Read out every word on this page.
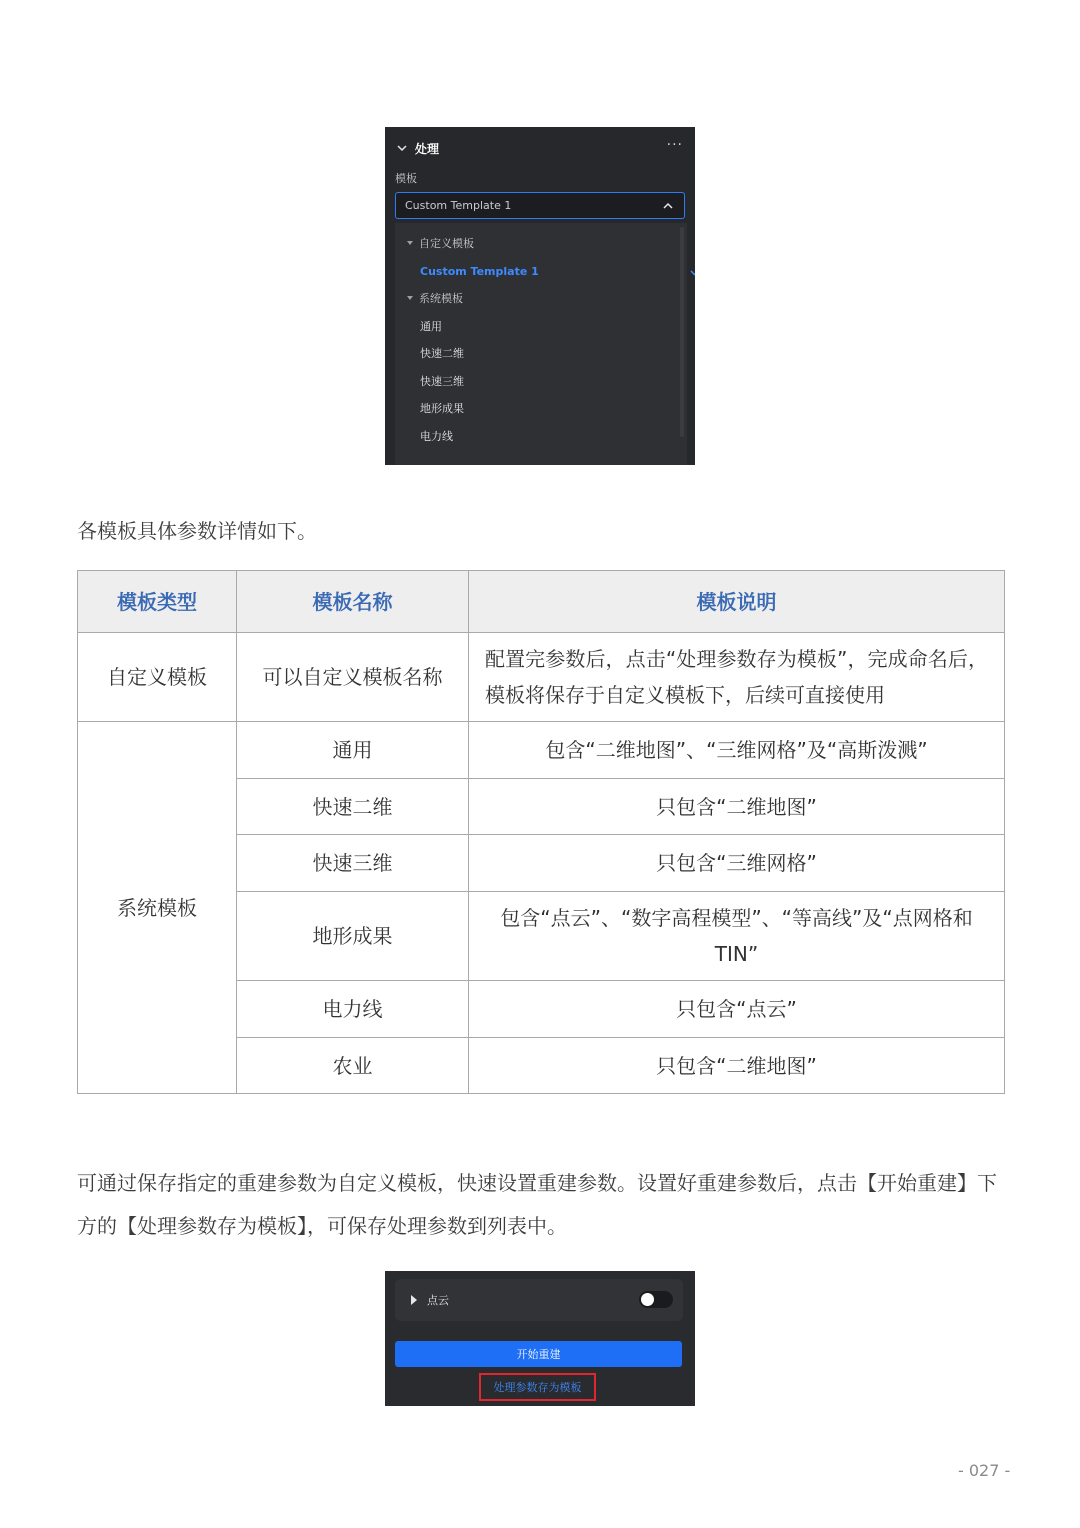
处理	···
模板
Custom Template 1
自定义模板
Custom Template 1
系统模板
通用
快速二维
快速三维
地形成果
电力线
各模板具体参数详情如下。
模板类型	模板名称	模板说明
自定义模板	可以自定义模板名称	配置完参数后，点击“处理参数存为模板”，完成命名后，模板将保存于自定义模板下，后续可直接使用
系统模板	通用	包含“二维地图”、“三维网格”及“高斯泼溅”
	快速二维	只包含“二维地图”
	快速三维	只包含“三维网格”
	地形成果	包含“点云”、“数字高程模型”、“等高线”及“点网格和 TIN”
	电力线	只包含“点云”
	农业	只包含“二维地图”
可通过保存指定的重建参数为自定义模板，快速设置重建参数。设置好重建参数后，点击【开始重建】下方的【处理参数存为模板】，可保存处理参数到列表中。
点云
开始重建
处理参数存为模板
- 027 -
